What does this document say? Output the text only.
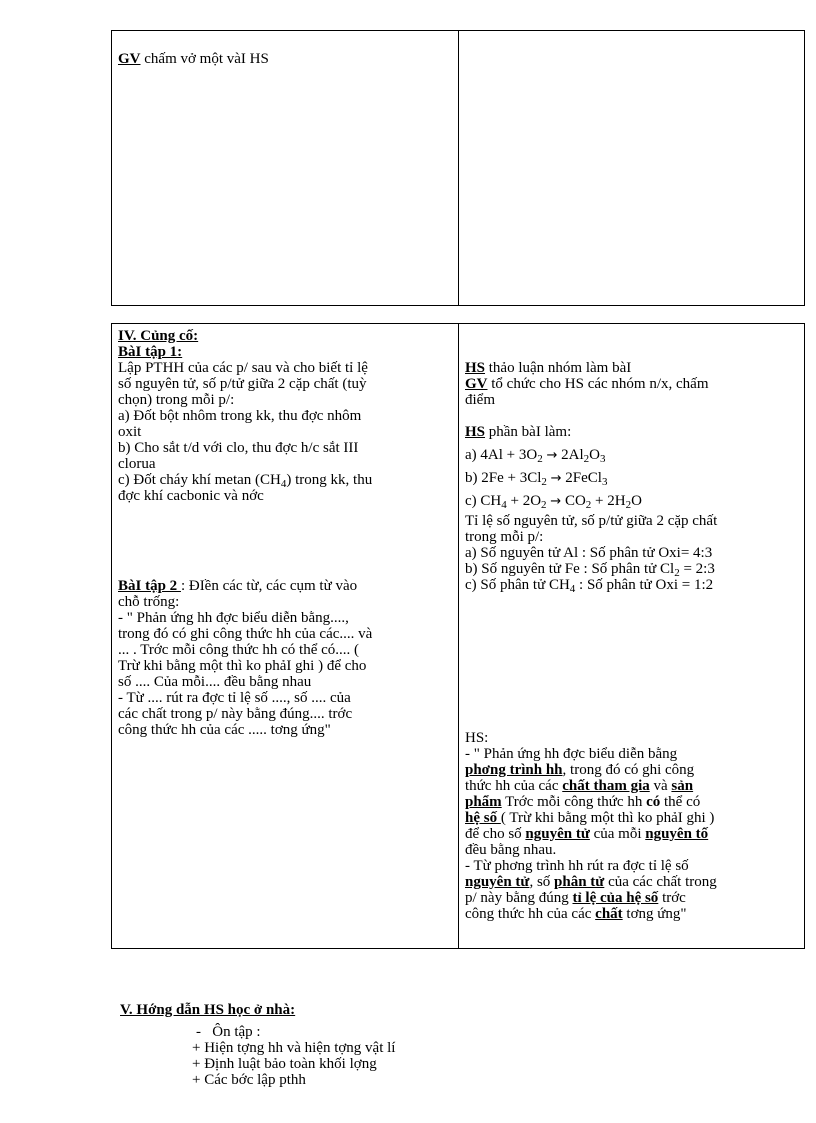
GV chấm vở một vàI HS
IV. Củng cố:
BàI tập 1:
Lập PTHH của các p/ sau và cho biết tỉ lệ
số nguyên tử, số p/tử giữa 2 cặp chất (tuỳ
chọn) trong mỗi p/:
a) Đốt bột nhôm trong kk, thu đợc nhôm
oxit
b) Cho sắt t/d với clo, thu đợc h/c sắt III
clorua
c) Đốt cháy khí metan $(CH_4)$ trong kk, thu
đợc khí cacbonic và nớc
BàI tập 2 : ĐIền các từ, các cụm từ vào
chỗ trống:
- " Phản ứng hh đợc biểu diễn bằng....,
trong đó có ghi công thức hh của các.... và
... . Trớc mỗi công thức hh có thể có.... (
Trừ khi bằng một thì ko phảI ghi ) để cho
số .... Của mỗi.... đều bằng nhau
- Từ .... rút ra đợc tỉ lệ số ...., số .... của
các chất trong p/ này bằng đúng.... trớc
công thức hh của các ..... tơng ứng"
HS thảo luận nhóm làm bàI
GV tổ chức cho HS các nhóm n/x, chấm
điểm
HS phần bàI làm:
a) $4Al + 3O_2 \to 2Al_2O_3$
b) $2Fe + 3Cl_2$ → 2FeCl$_3$
c) $CH_4 + 2O_2 \to CO_2 + 2H_2O$
Tỉ lệ số nguyên tử, số p/tử giữa 2 cặp chất
trong mỗi p/:
a) Số nguyên tử Al : Số phân tử Oxi= 4:3
b) Số nguyên tử Fe : Số phân tử $Cl_2$ = 2:3
c) Số phân tử $CH_4$ : Số phân tử Oxi = 1:2
HS:
- " Phản ứng hh đợc biểu diễn bằng
phơng trình hh, trong đó có ghi công
thức hh của các chất tham gia và sản
phẩm Trớc mỗi công thức hh có thể có
hệ số ( Trừ khi bằng một thì ko phảI ghi )
để cho số nguyên tử của mỗi nguyên tố
đều bằng nhau.
- Từ phơng trình hh rút ra đợc tỉ lệ số
nguyên tử, số phân tử của các chất trong
p/ này bằng đúng tỉ lệ của hệ số trớc
công thức hh của các chất tơng ứng"
V. Hớng dẫn HS học ở nhà:
- Ôn tập :
+ Hiện tợng hh và hiện tợng vật lí
+ Định luật bảo toàn khối lợng
+ Các bớc lập pthh
